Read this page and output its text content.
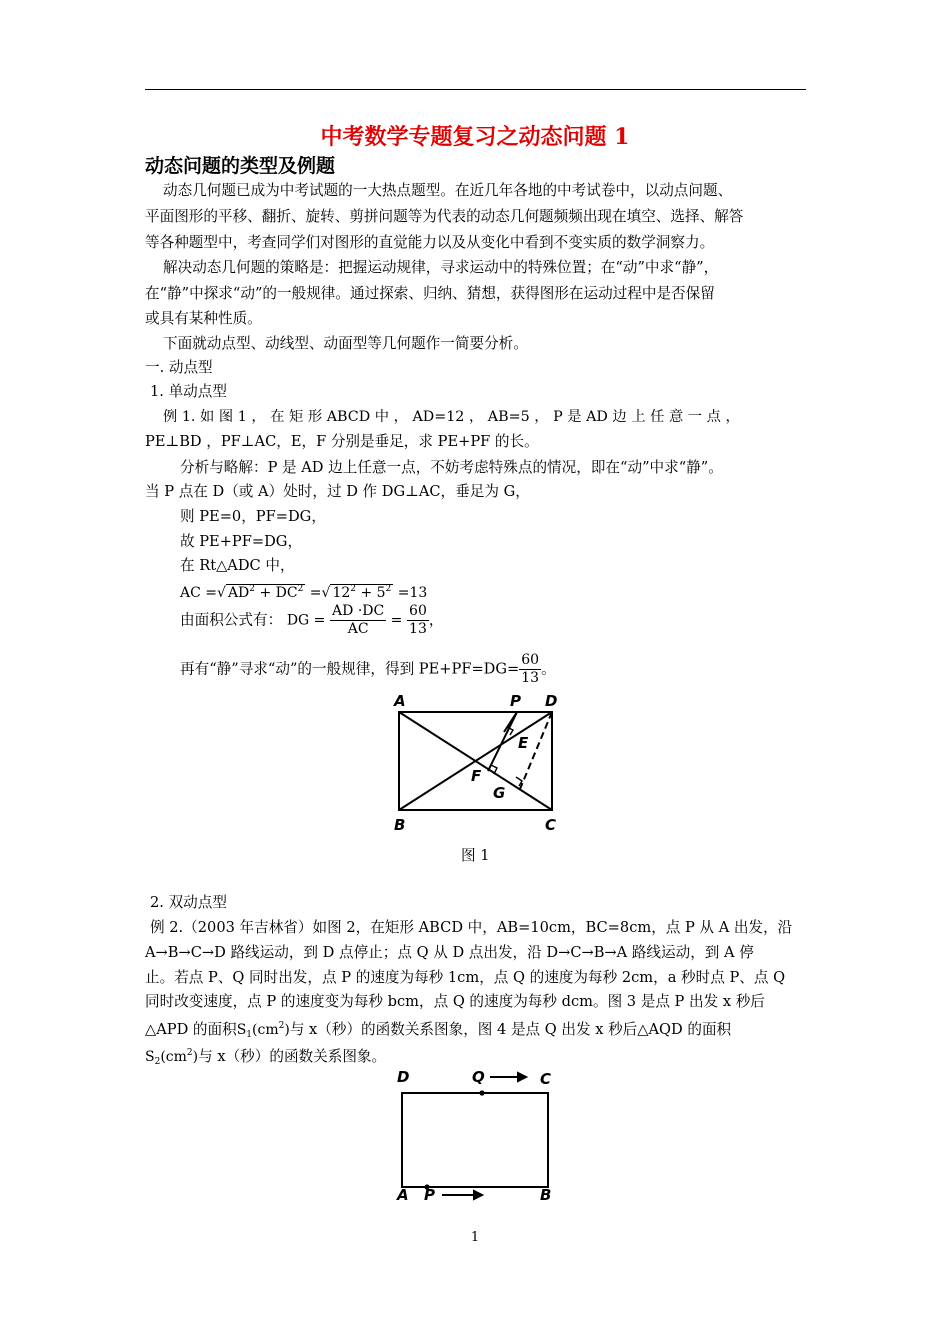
中考数学专题复习之动态问题 1
动态问题的类型及例题
动态几何题已成为中考试题的一大热点题型。在近几年各地的中考试卷中，以动点问题、
平面图形的平移、翻折、旋转、剪拼问题等为代表的动态几何题频频出现在填空、选择、解答
等各种题型中，考查同学们对图形的直觉能力以及从变化中看到不变实质的数学洞察力。
解决动态几何题的策略是：把握运动规律，寻求运动中的特殊位置；在“动”中求“静”，
在“静”中探求“动”的一般规律。通过探索、归纳、猜想，获得图形在运动过程中是否保留
或具有某种性质。
下面就动点型、动线型、动面型等几何题作一简要分析。
一. 动点型
1. 单动点型
例 1. 如 图 1 ， 在 矩 形 ABCD 中 ， AD=12 ， AB=5 ， P 是 AD 边 上 任 意 一 点 ，
PE⊥BD ，PF⊥AC，E，F 分别是垂足，求 PE+PF 的长。
分析与略解：P 是 AD 边上任意一点，不妨考虑特殊点的情况，即在“动”中求“静”。
当 P 点在 D（或 A）处时，过 D 作 DG⊥AC，垂足为 G，
则 PE=0，PF=DG，
故 PE+PF=DG，
在 Rt△ADC 中，
AC =√ $AD^2 + DC^2$ =√ $12^2 + 5^2 =13$
由面积公式有： DG = $\frac{AD \cdot DC}{AC} = \frac{60}{13}$ ，
再有“静”寻求“动”的一般规律，得到 $PE+PF=DG= \frac{60}{13}$ 。
A	P D
E
F
G
B	C
图 1
2. 双动点型
例 2.（2003 年吉林省）如图 2，在矩形 ABCD 中，AB=10cm，BC=8cm，点 P 从 A 出发，沿
A→B→C→D 路线运动，到 D 点停止；点 Q 从 D 点出发，沿 D→C→B→A 路线运动，到 A 停
止。若点 P、Q 同时出发，点 P 的速度为每秒 1cm，点 Q 的速度为每秒 2cm，a 秒时点 P、点 Q
同时改变速度，点 P 的速度变为每秒 bcm，点 Q 的速度为每秒 dcm。图 3 是点 P 出发 x 秒后
△APD 的面积$S_1(cm^2)$与 x（秒）的函数关系图象，图 4 是点 Q 出发 x 秒后△AQD 的面积
$S_2(cm^2)$与 x（秒）的函数关系图象。
D	Q	C
A P	B
1
